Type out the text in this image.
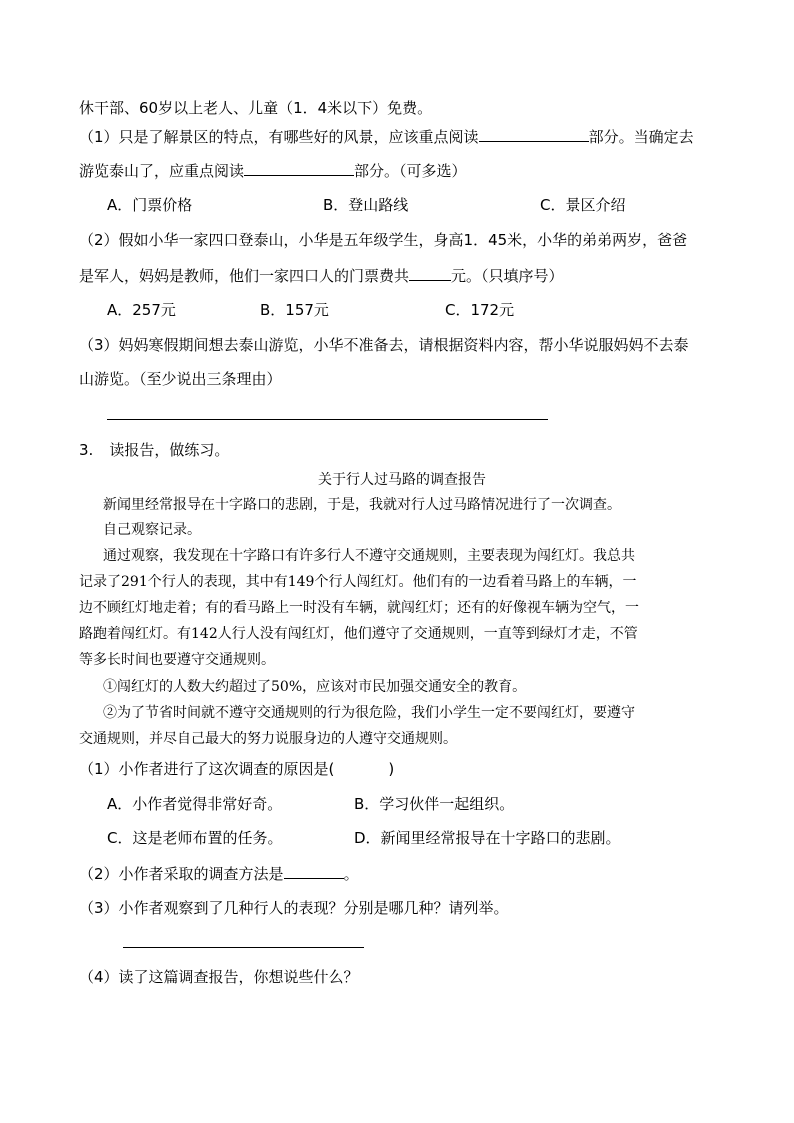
休干部、60岁以上老人、儿童（1．4米以下）免费。
（1）只是了解景区的特点，有哪些好的风景，应该重点阅读	部分。当确定去
游览泰山了，应重点阅读	部分。（可多选）
A．门票价格	B．登山路线	C．景区介绍
（2）假如小华一家四口登泰山，小华是五年级学生，身高1．45米，小华的弟弟两岁，爸爸
是军人，妈妈是教师，他们一家四口人的门票费共	元。（只填序号）
A．257元	B．157元	C．172元
（3）妈妈寒假期间想去泰山游览，小华不准备去，请根据资料内容，帮小华说服妈妈不去泰
山游览。（至少说出三条理由）
3. 读报告，做练习。
关于行人过马路的调查报告
新闻里经常报导在十字路口的悲剧，于是，我就对行人过马路情况进行了一次调查。
自己观察记录。
通过观察，我发现在十字路口有许多行人不遵守交通规则，主要表现为闯红灯。我总共
记录了291个行人的表现，其中有149个行人闯红灯。他们有的一边看着马路上的车辆，一
边不顾红灯地走着；有的看马路上一时没有车辆，就闯红灯；还有的好像视车辆为空气，一
路跑着闯红灯。有142人行人没有闯红灯，他们遵守了交通规则，一直等到绿灯才走，不管
等多长时间也要遵守交通规则。
①闯红灯的人数大约超过了50%，应该对市民加强交通安全的教育。
②为了节省时间就不遵守交通规则的行为很危险，我们小学生一定不要闯红灯，要遵守
交通规则，并尽自己最大的努力说服身边的人遵守交通规则。
（1）小作者进行了这次调查的原因是(	)
A．小作者觉得非常好奇。	B．学习伙伴一起组织。
C．这是老师布置的任务。	D．新闻里经常报导在十字路口的悲剧。
（2）小作者采取的调查方法是	。
（3）小作者观察到了几种行人的表现？分别是哪几种？请列举。
（4）读了这篇调查报告，你想说些什么？
